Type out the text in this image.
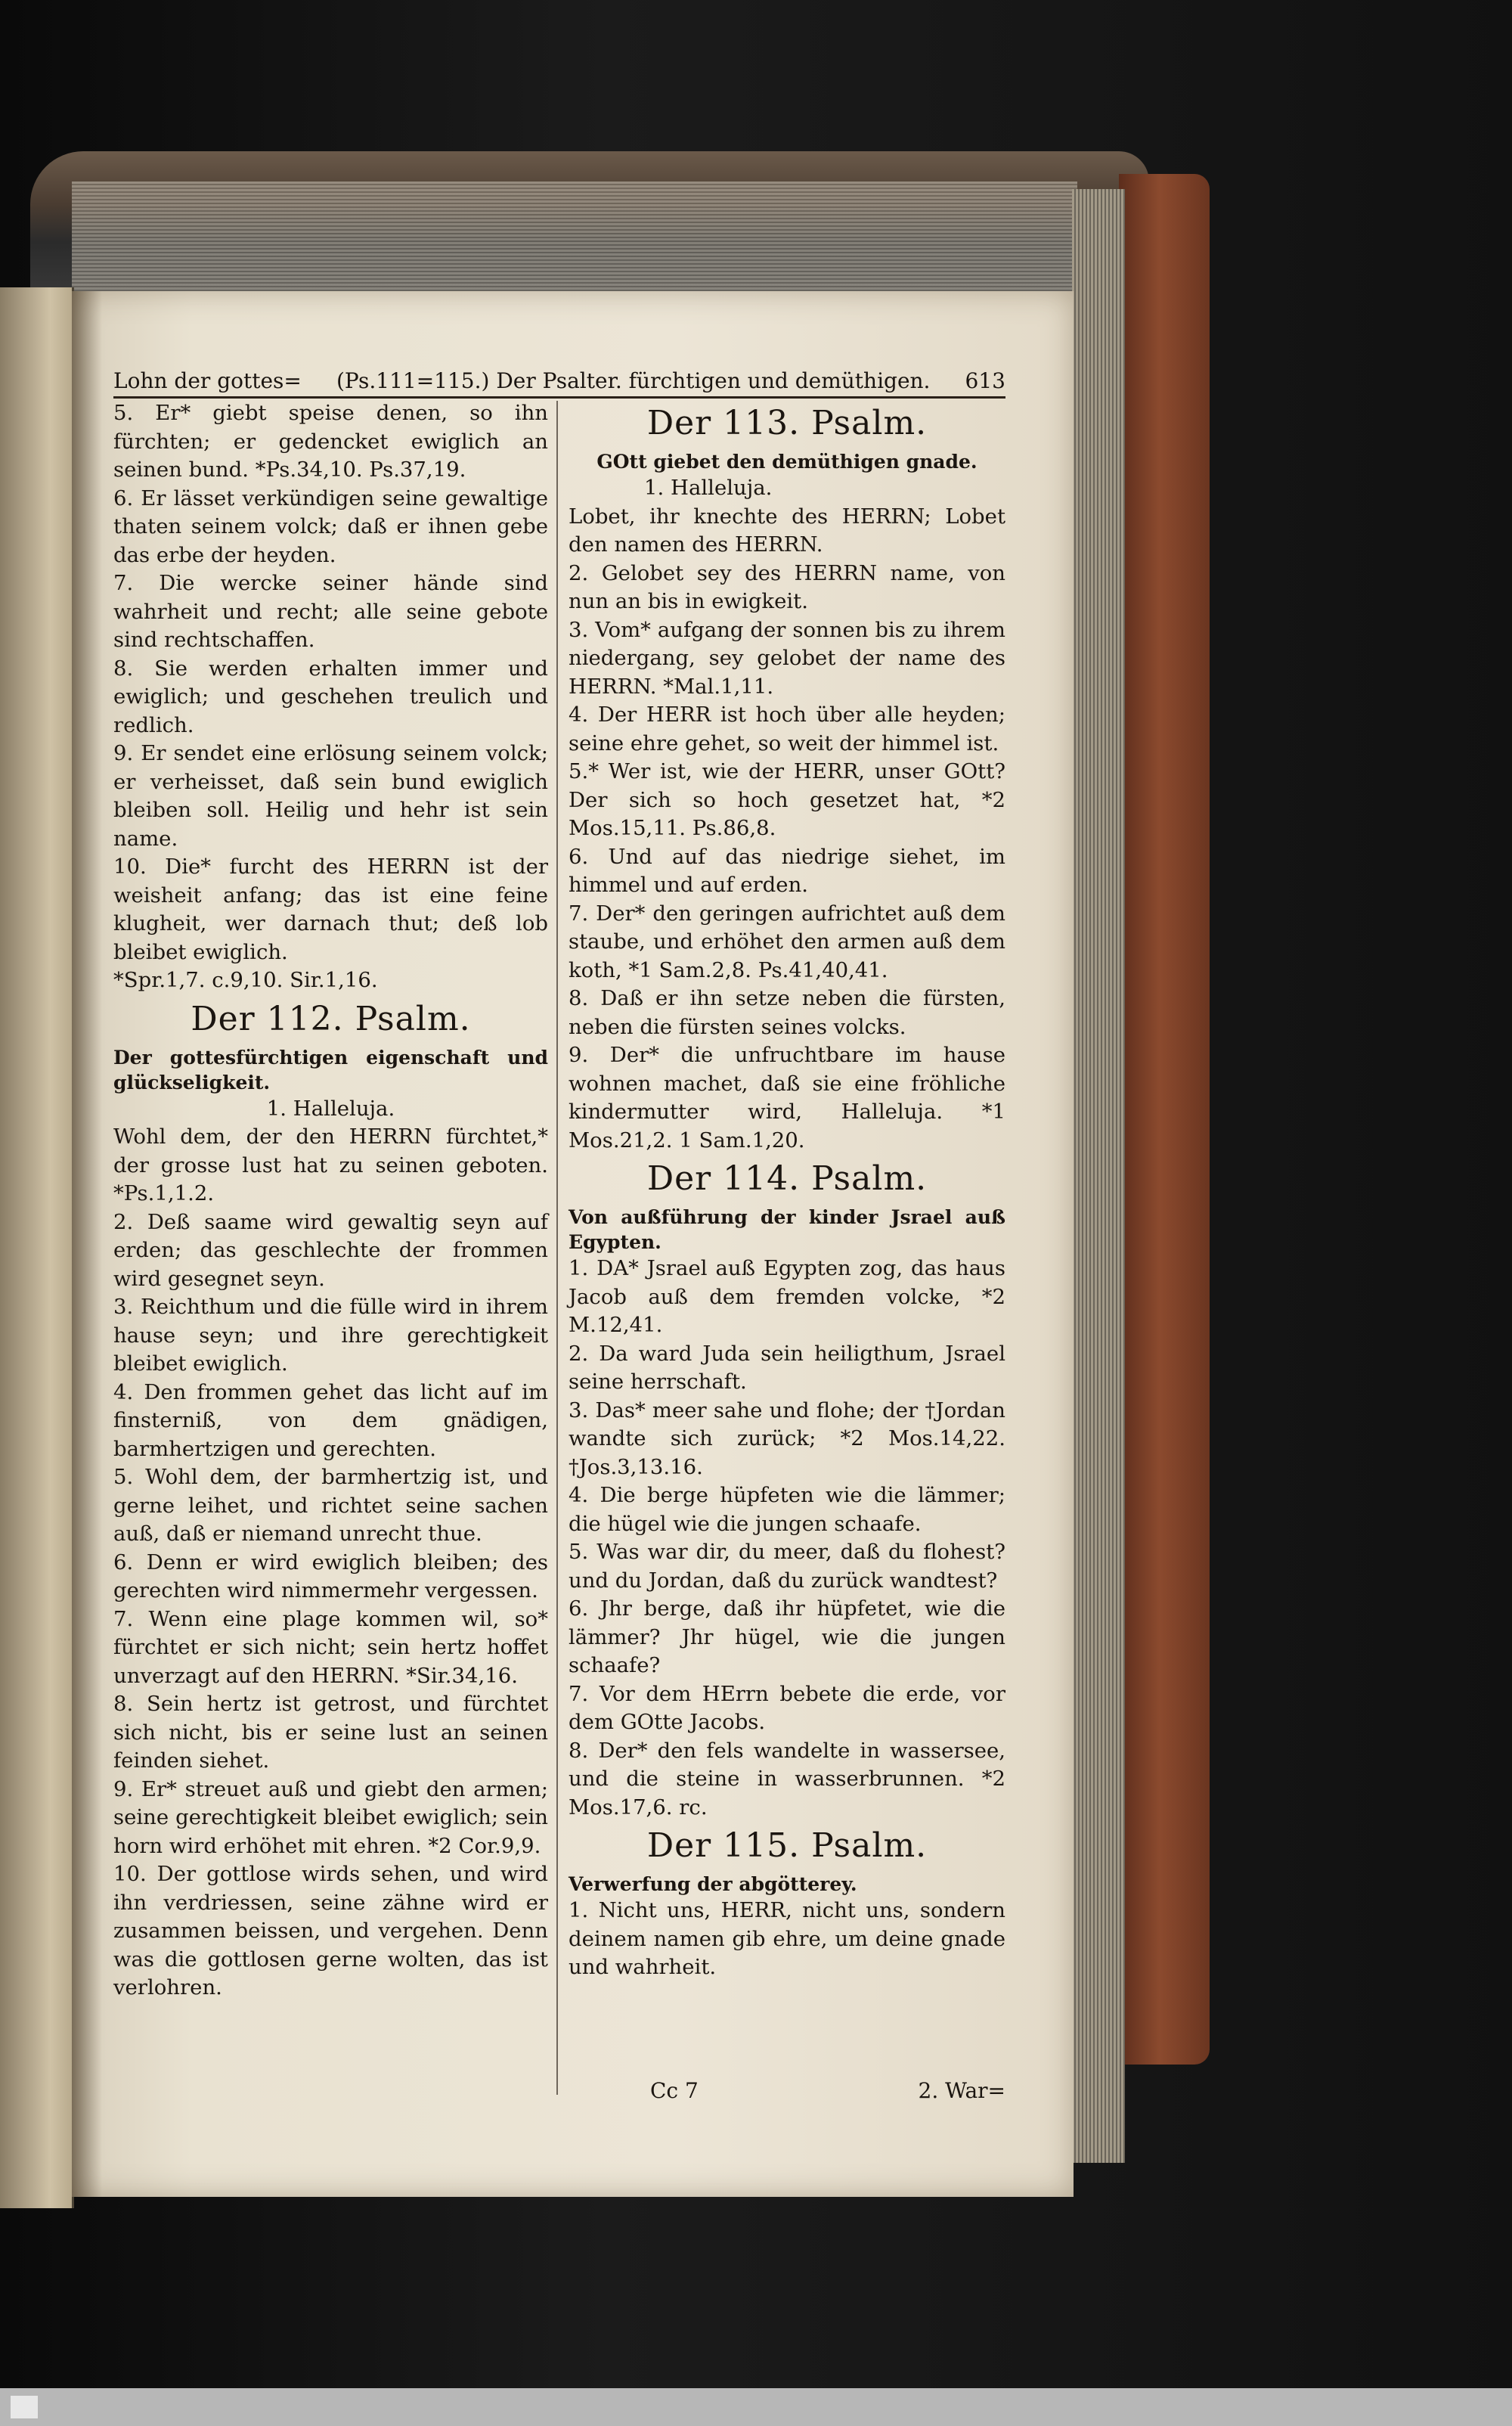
Lohn der gottes= (Ps.111=115.) Der Psalter. fürchtigen und demüthigen. 613

5. Er* giebt speise denen, so ihn fürchten; er gedencket ewiglich an seinen bund. *Ps.34,10. Ps.37,19.

6. Er lässet verkündigen seine gewaltige thaten seinem volck; daß er ihnen gebe das erbe der heyden.

7. Die wercke seiner hände sind wahrheit und recht; alle seine gebote sind rechtschaffen.

8. Sie werden erhalten immer und ewiglich; und geschehen treulich und redlich.

9. Er sendet eine erlösung seinem volck; er verheisset, daß sein bund ewiglich bleiben soll. Heilig und hehr ist sein name.

10. Die* furcht des HERRN ist der weisheit anfang; das ist eine feine klugheit, wer darnach thut; deß lob bleibet ewiglich.

*Spr.1,7. c.9,10. Sir.1,16.

Der 112. Psalm.

Der gottesfürchtigen eigenschaft und glückseligkeit.

1. Halleluja.

Wohl dem, der den HERRN fürchtet,* der grosse lust hat zu seinen geboten. *Ps.1,1.2.

2. Deß saame wird gewaltig seyn auf erden; das geschlechte der frommen wird gesegnet seyn.

3. Reichthum und die fülle wird in ihrem hause seyn; und ihre gerechtigkeit bleibet ewiglich.

4. Den frommen gehet das licht auf im finsterniß, von dem gnädigen, barmhertzigen und gerechten.

5. Wohl dem, der barmhertzig ist, und gerne leihet, und richtet seine sachen auß, daß er niemand unrecht thue.

6. Denn er wird ewiglich bleiben; des gerechten wird nimmermehr vergessen.

7. Wenn eine plage kommen wil, so* fürchtet er sich nicht; sein hertz hoffet unverzagt auf den HERRN. *Sir.34,16.

8. Sein hertz ist getrost, und fürchtet sich nicht, bis er seine lust an seinen feinden siehet.

9. Er* streuet auß und giebt den armen; seine gerechtigkeit bleibet ewiglich; sein horn wird erhöhet mit ehren. *2 Cor.9,9.

10. Der gottlose wirds sehen, und wird ihn verdriessen, seine zähne wird er zusammen beissen, und vergehen. Denn was die gottlosen gerne wolten, das ist verlohren.

Der 113. Psalm.

GOtt giebet den demüthigen gnade.

1. Halleluja.

Lobet, ihr knechte des HERRN; Lobet den namen des HERRN.

2. Gelobet sey des HERRN name, von nun an bis in ewigkeit.

3. Vom* aufgang der sonnen bis zu ihrem niedergang, sey gelobet der name des HERRN. *Mal.1,11.

4. Der HERR ist hoch über alle heyden; seine ehre gehet, so weit der himmel ist.

5.* Wer ist, wie der HERR, unser GOtt? Der sich so hoch gesetzet hat, *2 Mos.15,11. Ps.86,8.

6. Und auf das niedrige siehet, im himmel und auf erden.

7. Der* den geringen aufrichtet auß dem staube, und erhöhet den armen auß dem koth, *1 Sam.2,8. Ps.41,40,41.

8. Daß er ihn setze neben die fürsten, neben die fürsten seines volcks.

9. Der* die unfruchtbare im hause wohnen machet, daß sie eine fröhliche kindermutter wird, Halleluja. *1 Mos.21,2. 1 Sam.1,20.

Der 114. Psalm.

Von außführung der kinder Jsrael auß Egypten.

1. DA* Jsrael auß Egypten zog, das haus Jacob auß dem fremden volcke, *2 M.12,41.

2. Da ward Juda sein heiligthum, Jsrael seine herrschaft.

3. Das* meer sahe und flohe; der †Jordan wandte sich zurück; *2 Mos.14,22. †Jos.3,13.16.

4. Die berge hüpfeten wie die lämmer; die hügel wie die jungen schaafe.

5. Was war dir, du meer, daß du flohest? und du Jordan, daß du zurück wandtest?

6. Jhr berge, daß ihr hüpfetet, wie die lämmer? Jhr hügel, wie die jungen schaafe?

7. Vor dem HErrn bebete die erde, vor dem GOtte Jacobs.

8. Der* den fels wandelte in wassersee, und die steine in wasserbrunnen. *2 Mos.17,6. rc.

Der 115. Psalm.

Verwerfung der abgötterey.

1. Nicht uns, HERR, nicht uns, sondern deinem namen gib ehre, um deine gnade und wahrheit.

Cc 7	2. War=
